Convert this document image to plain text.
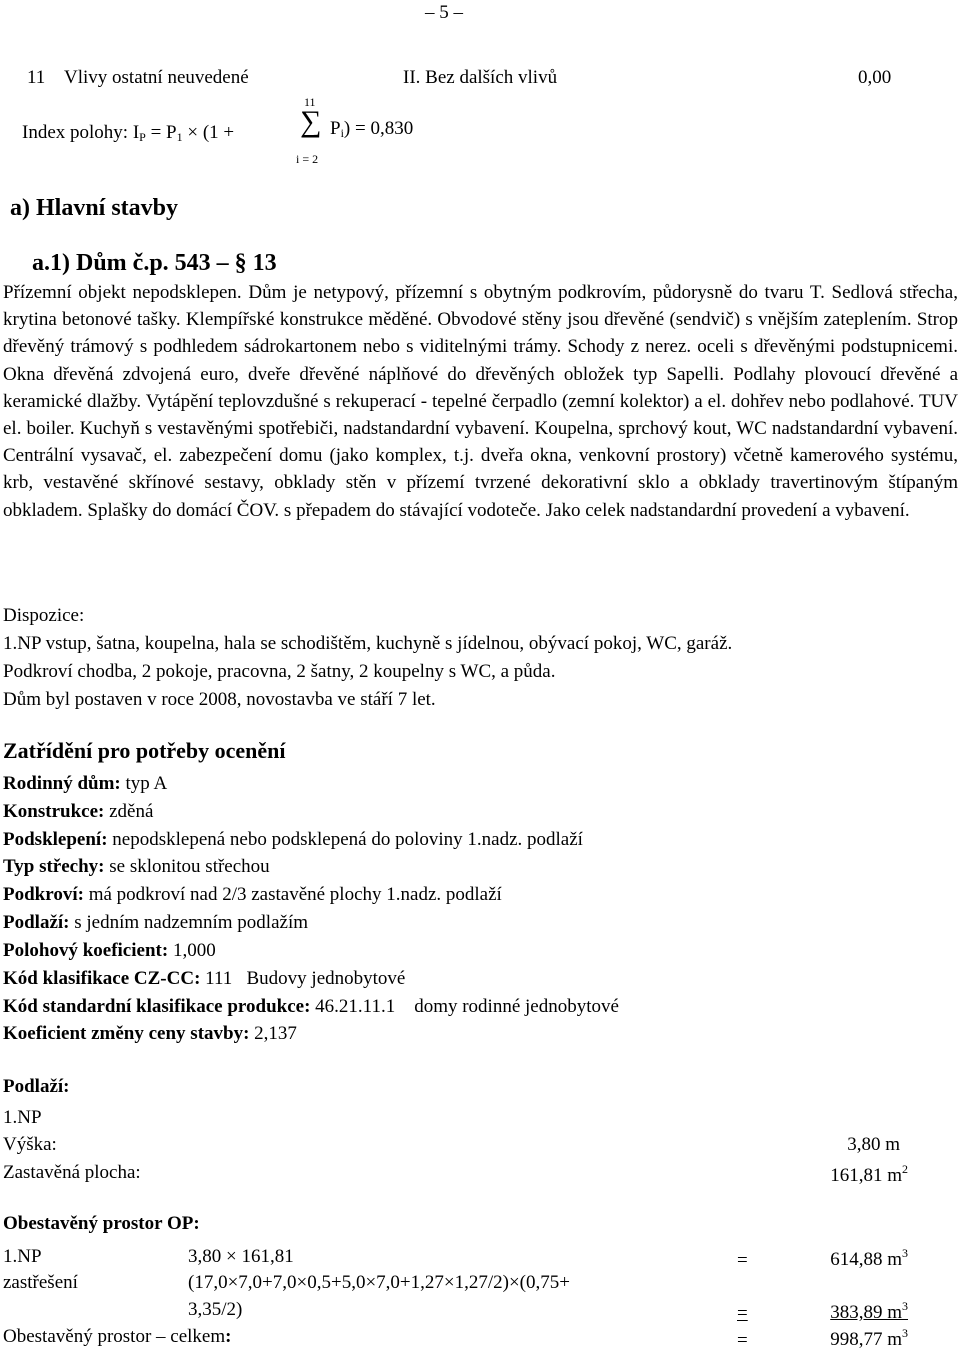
– 5 –
11 Vlivy ostatní neuvedené	II. Bez dalších vlivů	0,00
Index polohy: $I_P = P_1 \times (1$ +
11
∑
i = 2
$P_i) = 0,830$
a) Hlavní stavby
a.1) Dům č.p. 543 – § 13
Přízemní objekt nepodsklepen. Dům je netypový, přízemní s obytným podkrovím, půdorysně do tvaru T. Sedlová střecha, krytina betonové tašky. Klempířské konstrukce měděné. Obvodové stěny jsou dřevěné (sendvič) s vnějším zateplením. Strop dřevěný trámový s podhledem sádrokartonem nebo s viditelnými trámy. Schody z nerez. oceli s dřevěnými podstupnicemi. Okna dřevěná zdvojená euro, dveře dřevěné náplňové do dřevěných obložek typ Sapelli. Podlahy plovoucí dřevěné a keramické dlažby. Vytápění teplovzdušné s rekuperací - tepelné čerpadlo (zemní kolektor) a el. dohřev nebo podlahové. TUV el. boiler. Kuchyň s vestavěnými spotřebiči, nadstandardní vybavení. Koupelna, sprchový kout, WC nadstandardní vybavení. Centrální vysavač, el. zabezpečení domu (jako komplex, t.j. dveřa okna, venkovní prostory) včetně kamerového systému, krb, vestavěné skřínové sestavy, obklady stěn v přízemí tvrzené dekorativní sklo a obklady travertinovým štípaným obkladem. Splašky do domácí ČOV. s přepadem do stávající vodoteče. Jako celek nadstandardní provedení a vybavení.
Dispozice:
1.NP vstup, šatna, koupelna, hala se schodištěm, kuchyně s jídelnou, obývací pokoj, WC, garáž.
Podkroví chodba, 2 pokoje, pracovna, 2 šatny, 2 koupelny s WC, a půda.
Dům byl postaven v roce 2008, novostavba ve stáří 7 let.
Zatřídění pro potřeby ocenění
Rodinný dům: typ A
Konstrukce: zděná
Podsklepení: nepodsklepená nebo podsklepená do poloviny 1.nadz. podlaží
Typ střechy: se sklonitou střechou
Podkroví: má podkroví nad 2/3 zastavěné plochy 1.nadz. podlaží
Podlaží: s jedním nadzemním podlažím
Polohový koeficient: 1,000
Kód klasifikace CZ-CC: 111   Budovy jednobytové
Kód standardní klasifikace produkce: 46.21.11.1    domy rodinné jednobytové
Koeficient změny ceny stavby: 2,137
Podlaží:
1.NP
Výška:	3,80 m
Zastavěná plocha:	161,81 $m^2$
Obestavěný prostor OP:
1.NP	3,80 × 161,81	=	614,88 $m^3$
zastřešení	(17,0×7,0+7,0×0,5+5,0×7,0+1,27×1,27/2)×(0,75+
3,35/2)	=	383,89 $m^3$
Obestavěný prostor – celkem:	=	998,77 $m^3$
